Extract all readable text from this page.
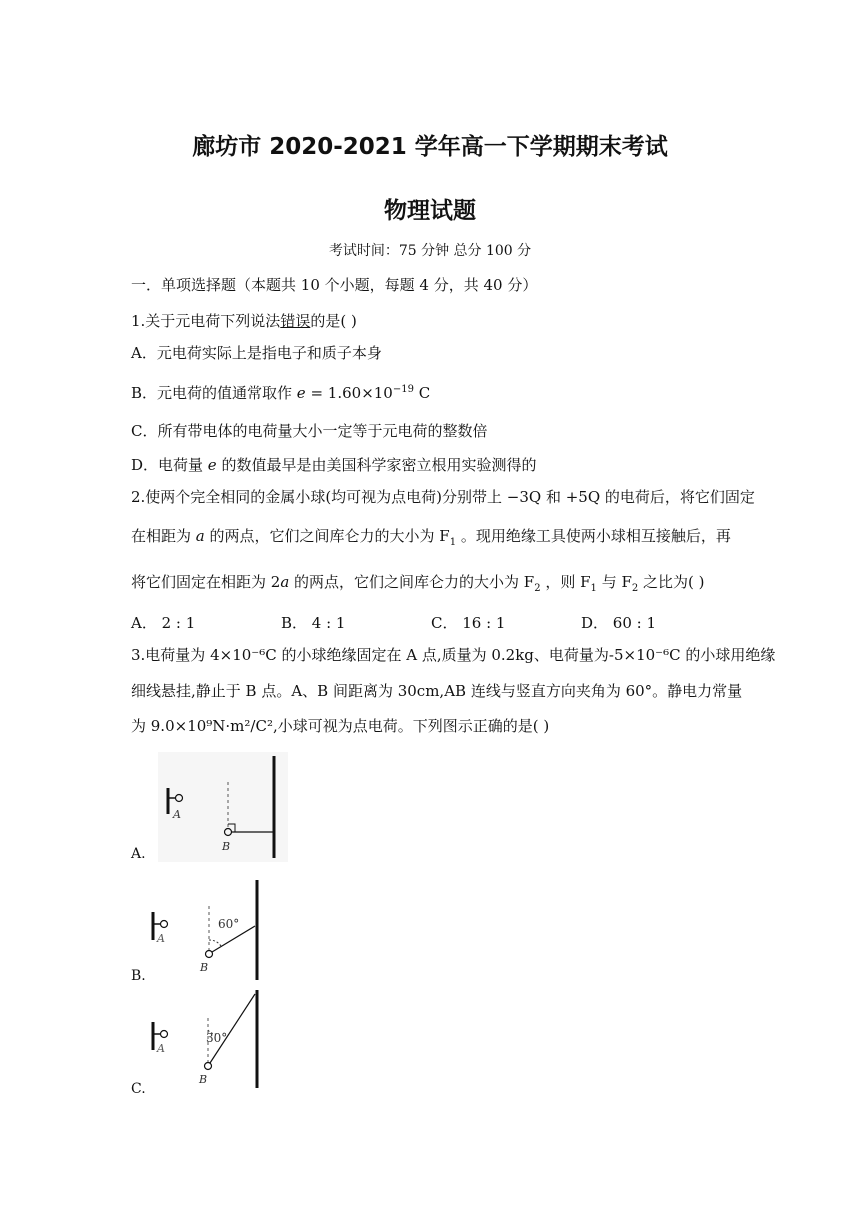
廊坊市 2020-2021 学年高一下学期期末考试
物理试题
考试时间：75 分钟 总分 100 分
一．单项选择题（本题共 10 个小题，每题 4 分，共 40 分）
1.关于元电荷下列说法错误的是( )
A．元电荷实际上是指电子和质子本身
B．元电荷的值通常取作 $e = 1.60\times 10^{-19}$ C
C．所有带电体的电荷量大小一定等于元电荷的整数倍
D．电荷量 e 的数值最早是由美国科学家密立根用实验测得的
2.使两个完全相同的金属小球(均可视为点电荷)分别带上 −3Q 和 +5Q 的电荷后，将它们固定
在相距为 a 的两点，它们之间库仑力的大小为 $F_1$ 。现用绝缘工具使两小球相互接触后，再
将它们固定在相距为 2a 的两点，它们之间库仑力的大小为 $F_2$ ，则 $F_1$ 与 $F_2$ 之比为( )
A． 2 : 1	B． 4 : 1	C． 16 : 1	D． 60 : 1
3.电荷量为 4×10⁻⁶C 的小球绝缘固定在 A 点,质量为 0.2kg、电荷量为-5×10⁻⁶C 的小球用绝缘
细线悬挂,静止于 B 点。A、B 间距离为 30cm,AB 连线与竖直方向夹角为 60°。静电力常量
为 9.0×10⁹N·m²/C²,小球可视为点电荷。下列图示正确的是( )
A
B
A.
A
60°
B
B.
A
30°
B
C.
